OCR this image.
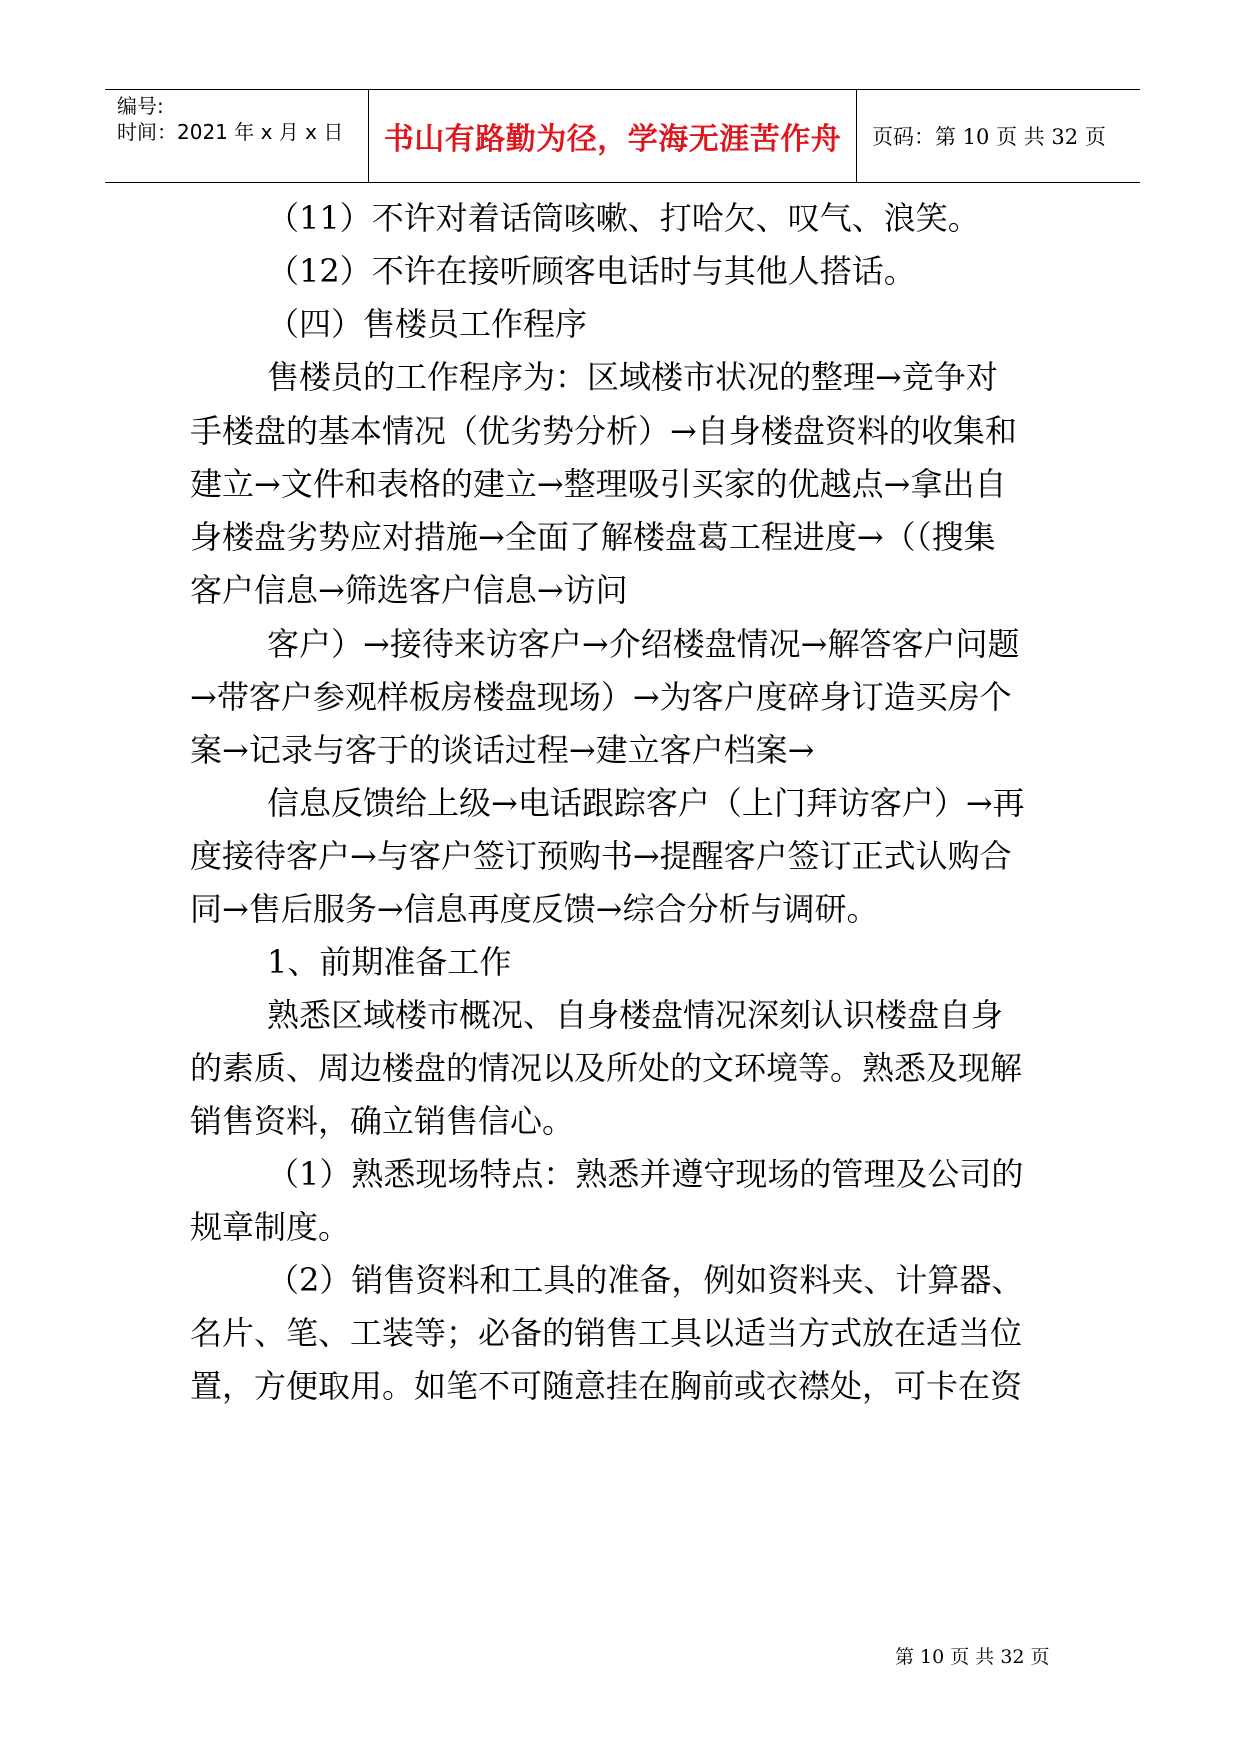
编号:
时间：2021 年 x 月 x 日	书山有路勤为径，学海无涯苦作舟	页码：第 10 页 共 32 页
（11）不许对着话筒咳嗽、打哈欠、叹气、浪笑。
（12）不许在接听顾客电话时与其他人搭话。
（四）售楼员工作程序
售楼员的工作程序为：区域楼市状况的整理→竞争对
手楼盘的基本情况（优劣势分析）→自身楼盘资料的收集和
建立→文件和表格的建立→整理吸引买家的优越点→拿出自
身楼盘劣势应对措施→全面了解楼盘葛工程进度→（（搜集
客户信息→筛选客户信息→访问
客户）→接待来访客户→介绍楼盘情况→解答客户问题
→带客户参观样板房楼盘现场）→为客户度碎身订造买房个
案→记录与客于的谈话过程→建立客户档案→
信息反馈给上级→电话跟踪客户（上门拜访客户）→再
度接待客户→与客户签订预购书→提醒客户签订正式认购合
同→售后服务→信息再度反馈→综合分析与调研。
1、前期准备工作
熟悉区域楼市概况、自身楼盘情况深刻认识楼盘自身
的素质、周边楼盘的情况以及所处的文环境等。熟悉及现解
销售资料，确立销售信心。
（1）熟悉现场特点：熟悉并遵守现场的管理及公司的
规章制度。
（2）销售资料和工具的准备，例如资料夹、计算器、
名片、笔、工装等；必备的销售工具以适当方式放在适当位
置，方便取用。如笔不可随意挂在胸前或衣襟处，可卡在资
第 10 页 共 32 页
